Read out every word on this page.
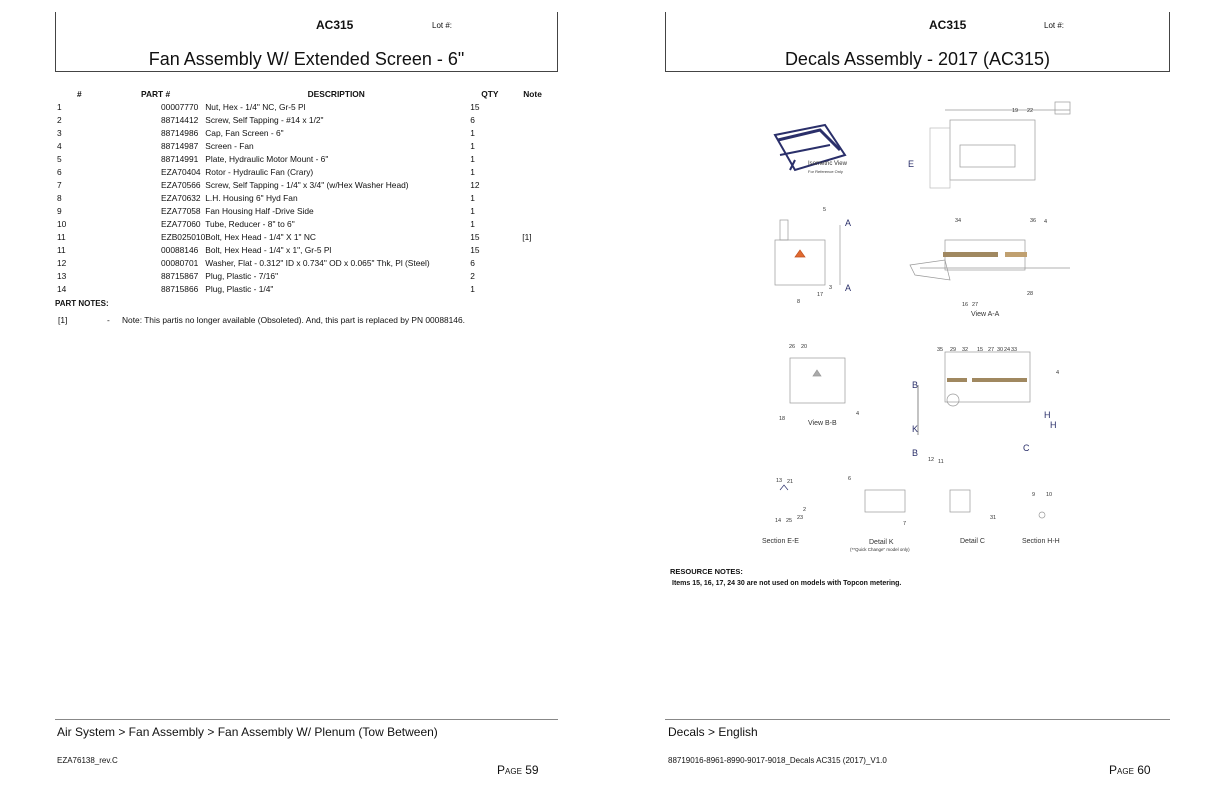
AC315	Lot #:
Fan Assembly W/ Extended Screen - 6"
#	PART #	DESCRIPTION	QTY	Note
1	00007770	Nut, Hex - 1/4" NC, Gr-5 Pl	15	
2	88714412	Screw, Self Tapping - #14 x 1/2"	6	
3	88714986	Cap, Fan Screen - 6"	1	
4	88714987	Screen - Fan	1	
5	88714991	Plate, Hydraulic Motor Mount - 6"	1	
6	EZA70404	Rotor - Hydraulic Fan (Crary)	1	
7	EZA70566	Screw, Self Tapping - 1/4" x 3/4" (w/Hex Washer Head)	12	
8	EZA70632	L.H. Housing 6" Hyd Fan	1	
9	EZA77058	Fan Housing Half -Drive Side	1	
10	EZA77060	Tube, Reducer - 8" to 6"	1	
11	EZB025010	Bolt, Hex Head - 1/4" X 1" NC	15	[1]
11	00088146	Bolt, Hex Head - 1/4" x 1", Gr-5 Pl	15	
12	00080701	Washer, Flat - 0.312" ID x 0.734" OD x 0.065" Thk, Pl (Steel)	6	
13	88715867	Plug, Plastic - 7/16"	2	
14	88715866	Plug, Plastic - 1/4"	1	
PART NOTES:
[1]	- Note: This partis no longer available (Obsoleted). And, this part is replaced by PN 00088146.
Air System > Fan Assembly > Fan Assembly W/ Plenum (Tow Between)
EZA76138_rev.C
Page 59
AC315	Lot #:
Decals Assembly - 2017 (AC315)
Isometric View
For Reference Only
View A-A
View B-B
Section E-E	Detail K
(**Quick Change" model only)
Detail C	Section H-H
19 22
5
34	36 4
3
17
8	16 27
28
26 20	35 29 32 15 27 30 24 33
4
18
4
12 11
13 21
2
23
14 25
6
7
31
9 10
E
A
A
B
B
K
H
H
C
RESOURCE NOTES:
Items 15, 16, 17, 24 30 are not used on models with Topcon metering.
Decals > English
88719016-8961-8990-9017-9018_Decals AC315 (2017)_V1.0
Page 60
